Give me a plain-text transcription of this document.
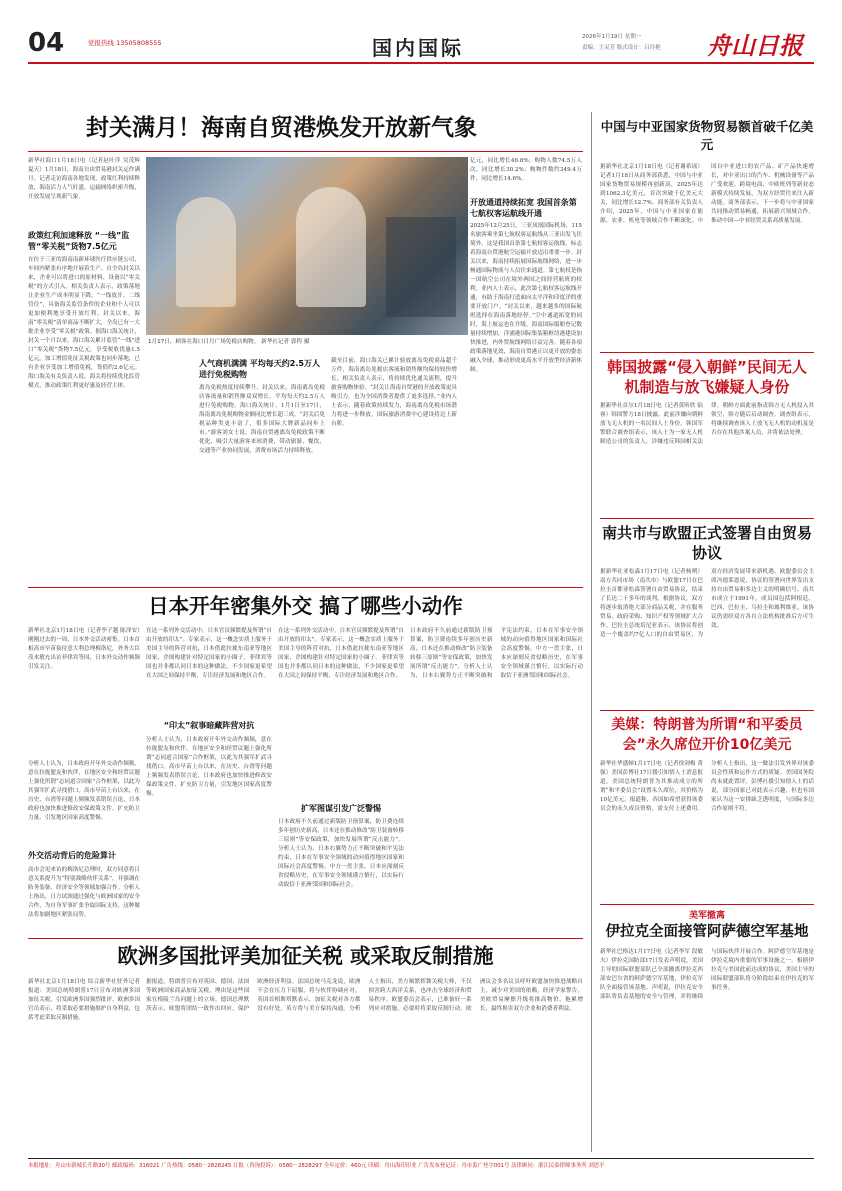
04	党报热线 13505808555	国内国际	2026年1月19日 星期一
责编：王灵芳 版式设计：吕玲艳 舟山日报
封关满月！海南自贸港焕发开放新气象
新华社海口1月18日电（记者赵叶萍 吴茂辉 夏天）1月18日，海南自由贸易港封关运作满月。记者走访海南各地发现，政策红利持续释放，海南活力人气旺盛，运输网络织密升级，开放发展呈现新气象。
政策红利加速释放 “一线”监管“零关税”货物7.5亿元
在位于三亚的海南南新环球医疗供应链公司，车间内紧张有序地开展着生产。自全岛封关以来，企业可以将进口的原材料、设备以“零关税”的方式引入。相关负责人表示，政策落地让企业生产成本明显下降。“一线放开、二线管住”，具备海关监管条件的企业和个人可以更加便利地享受开放红利。封关以来，海南“零关税”清单商品不断扩大，全岛已有一大批企业享受“零关税”政策。据海口海关统计，封关一个月以来，海口海关累计监管“一线”进口“零关税”货物7.5亿元，享受税收优惠1.5亿元。加工增值免征关税政策也同步落地，已有企业享受加工增值免税，货值约2.6亿元。海口海关有关负责人说，海关将持续优化监管模式，推动政策红利更好惠及经营主体。
1月17日，顾客在海口日月广场免税店购物。 新华社记者 郭程 摄
人气商机满满 平均每天约2.5万人进行免税购物
离岛免税热度持续攀升。封关以来，海南离岛免税店客流量和销售额双双增长，平均每天约2.5万人进行免税购物。海口海关统计，1月1日至17日，海南离岛免税购物金额同比增长超三成。“封关后免税品种类更丰富了，很多国际大牌新品同步上市。”游客刘女士说。海南自贸港离岛免税政策不断优化，吸引大量游客来琼消费，带动旅游、餐饮、交通等产业协同发展，消费市场活力持续释放。
截至目前，海口海关已累计验放离岛免税商品超千万件，海南离岛免税店客流和销售额均保持较快增长。相关负责人表示，将持续优化通关流程，提升旅客购物体验。“封关让海南自贸港的开放政策更具吸引力，也为全国消费者提供了更多选择。”业内人士表示，随着政策持续发力，海南离岛免税市场潜力将进一步释放，国际旅游消费中心建设将迈上新台阶。
亿元，同比增长46.8%；购物人数74.5万人次，同比增长30.2%；购物件数约349.4万件，同比增长14.6%。
开放通道持续拓宽 我国首条第七航权客运航线开通
2025年12月25日，三亚凤凰国际机场，115名旅客乘坐第七航权客运航线从三亚出发飞往境外。这是我国首条第七航权客运航线，标志着海南自贸港航空运输开放迈出重要一步。封关以来，海南持续拓展国际航线网络，进一步畅通国际物流与人员往来通道。第七航权是指一国航空公司在境外两国之间经营航班的权利。业内人士表示，此次第七航权客运航线开通，有助于海南打造面向太平洋和印度洋的重要开放门户。“封关以来，越来越多的国际航班选择在海南落地经停。”空中通道拓宽的同时，海上航运也在升级。海南国际船舶登记数量持续增加，洋浦港国际集装箱枢纽港建设加快推进，内外贸航线网络日益完善。随着各项政策落地见效，海南自贸港正以更开放的姿态融入全球，推动形成更高水平开放型经济新体制。
中国与中亚国家货物贸易额首破千亿美元
据新华社北京1月18日电（记者谢希瑶）记者1月18日从商务部获悉，中国与中亚国家货物贸易规模再创新高，2025年达到1062.3亿美元，首次突破千亿美元大关，同比增长12.7%。商务部有关负责人介绍，2025年，中国与中亚国家在能源、农业、机电等领域合作不断深化。中国自中亚进口的农产品、矿产品快速增长，对中亚出口的汽车、机械设备等产品广受欢迎。跨境电商、中欧班列等新业态新模式持续发展，为双方经贸往来注入新动能。商务部表示，下一步将与中亚国家共同推动贸易畅通，拓展新兴领域合作，推动中国—中亚经贸关系高质量发展。
韩国披露“侵入朝鲜”民间无人机制造与放飞嫌疑人身份
据新华社首尔1月18日电（记者黄昕欣 陆睿）韩国警方18日披露，此前涉嫌向朝鲜放飞无人机的一名民间人士身份。韩国军警联合调查组表示，该人士为一家无人机制造公司的负责人，涉嫌违反韩国相关法律。朝鲜方面此前指责韩方无人机侵入其领空，韩方随后启动调查。调查组表示，将继续调查该人士放飞无人机的动机及是否存在其他涉案人员，并将依法处理。
南共市与欧盟正式签署自由贸易协议
据新华社亚松森1月17日电（记者杨朔）南方共同市场（南共市）与欧盟17日在巴拉圭首都亚松森签署自由贸易协议，结束了长达二十多年的谈判。根据协议，双方将逐步取消绝大部分商品关税，并在服务贸易、政府采购、知识产权等领域扩大合作。巴拉圭总统培尼亚表示，该协议将创造一个覆盖约7亿人口的自由贸易区，为双方经济发展带来新机遇。欧盟委员会主席冯德莱恩说，协议的签署向世界发出支持自由贸易和多边主义的明确信号。南共市成立于1991年，成员国包括阿根廷、巴西、巴拉圭、乌拉圭和玻利维亚。该协议仍需经双方各自立法机构批准后方可生效。
美媒：特朗普为所谓“和平委员会”永久席位开价10亿美元
新华社华盛顿1月17日电（记者徐剑梅 黄强）美国彭博社17日援引知情人士消息报道，美国总统特朗普为其推动成立的所谓“和平委员会”设置永久席位，其价格为10亿美元。报道称，各国如希望获得该委员会的永久成员资格，需支付上述费用。分析人士指出，这一做法引发外界对该委员会性质和运作方式的质疑。美国国务院尚未就此置评。彭博社援引知情人士的话说，部分国家已对此表示兴趣，但也有国家认为这一安排缺乏透明度，与国际多边合作原则不符。
美军撤离
伊拉克全面接管阿萨德空军基地
新华社巴格达1月17日电（记者李军 段敏夫）伊拉克国防部17日发表声明说，美国主导的国际联盟部队已全部撤离伊拉克西部安巴尔省的阿萨德空军基地，伊拉克军队全面接管该基地。声明说，伊拉克安全部队将负责基地的安全与管理，并将继续与国际伙伴开展合作。阿萨德空军基地是伊拉克境内重要的军事设施之一。根据伊拉克与美国此前达成的协议，美国主导的国际联盟部队将分阶段结束在伊拉克的军事任务。
日本开年密集外交 搞了哪些小动作
新华社北京1月18日电（记者李子越 陈泽安）刚刚过去的一周，日本外交活动密集。日本首相高市早苗接待意大利总理梅洛尼，外务大臣茂木敏充出访菲律宾等国，日本外交动作频频引发关注。
分析人士认为，日本政府开年外交动作频频，意在拉拢盟友和伙伴，在地区安全和经贸议题上强化所谓“志同道合国家”合作框架，以此为其强军扩武寻找借口。高市早苗上台以来，在历史、台湾等问题上频频发表错误言论，日本政府也加快推进修改安保政策文件、扩充防卫力量，引发地区国家高度警惕。
外交活动背后的危险算计
高市会见来访的梅洛尼总理时，双方同意将日意关系提升为“特别战略伙伴关系”，并强调在防务装备、经济安全等领域加强合作。分析人士指出，日方试图通过强化与欧洲国家的安全合作，为自身军事扩张争取国际支持，这种做法将加剧地区紧张局势。
“印太”叙事暗藏阵营对抗
在这一系列外交活动中，日本官员频繁提及所谓“自由开放的印太”。专家表示，这一概念实质上服务于美国主导的阵营对抗，日本借此拉拢东南亚等地区国家，企图构建针对特定国家的小圈子。菲律宾等国也并非都认同日本的这种做法，不少国家更希望在大国之间保持平衡，专注经济发展和地区合作。
分析人士认为，日本政府开年外交动作频频，意在拉拢盟友和伙伴，在地区安全和经贸议题上强化所谓“志同道合国家”合作框架，以此为其强军扩武寻找借口。高市早苗上台以来，在历史、台湾等问题上频频发表错误言论，日本政府也加快推进修改安保政策文件、扩充防卫力量，引发地区国家高度警惕。
在这一系列外交活动中，日本官员频繁提及所谓“自由开放的印太”。专家表示，这一概念实质上服务于美国主导的阵营对抗，日本借此拉拢东南亚等地区国家，企图构建针对特定国家的小圈子。菲律宾等国也并非都认同日本的这种做法，不少国家更希望在大国之间保持平衡，专注经济发展和地区合作。
扩军图谋引发广泛警惕
日本政府不久前通过新版防卫预算案，防卫费连续多年创历史新高。日本还在推动修改“防卫装备转移三原则”等安保政策，加快发展所谓“反击能力”。分析人士认为，日本右翼势力正不断突破和平宪法约束，日本在军事安全领域的动向值得地区国家和国际社会高度警惕。中方一贯主张，日本应深刻反省侵略历史，在军事安全领域谨言慎行，以实际行动取信于亚洲邻国和国际社会。
日本政府不久前通过新版防卫预算案，防卫费连续多年创历史新高。日本还在推动修改“防卫装备转移三原则”等安保政策，加快发展所谓“反击能力”。分析人士认为，日本右翼势力正不断突破和平宪法约束，日本在军事安全领域的动向值得地区国家和国际社会高度警惕。中方一贯主张，日本应深刻反省侵略历史，在军事安全领域谨言慎行，以实际行动取信于亚洲邻国和国际社会。
欧洲多国批评美加征关税 或采取反制措施
新华社北京1月18日电 综合新华社驻外记者报道：美国总统特朗普17日宣布对欧洲多国加征关税，引发欧洲多国强烈批评。欧洲多国官员表示，将采取必要措施维护自身利益，包括考虑采取反制措施。
据报道，特朗普宣布对英国、德国、法国等欧洲国家商品加征关税，理由是这些国家在格陵兰岛问题上的立场。德国总理默茨表示，欧盟将团结一致作出回应，保护欧洲经济利益。法国总统马克龙说，欧洲不会在压力下屈服，将与伙伴协调应对。英国首相斯塔默表示，加征关税对各方都没有好处，英方将与美方保持沟通。分析人士指出，美方频繁挥舞关税大棒，不仅损害跨大西洋关系，也冲击全球经济和贸易秩序。欧盟委员会表示，已准备好一系列应对措施，必要时将采取反制行动。欧洲议会多名议员呼吁欧盟加快推进战略自主，减少对美国的依赖。经济学家警告，美欧贸易摩擦升级将推高物价、拖累增长，最终损害双方企业和消费者利益。
本报地址：舟山市新城长升路30号 邮政编码：316021 广告热线：0580－2828245 订报（咨询投诉）：0580－2828297 全年定价：460元 印刷：舟山海印印业 广告发布登记证：舟市监广登字001号 法律顾问：浙江民泰律师事务所 刘思平
